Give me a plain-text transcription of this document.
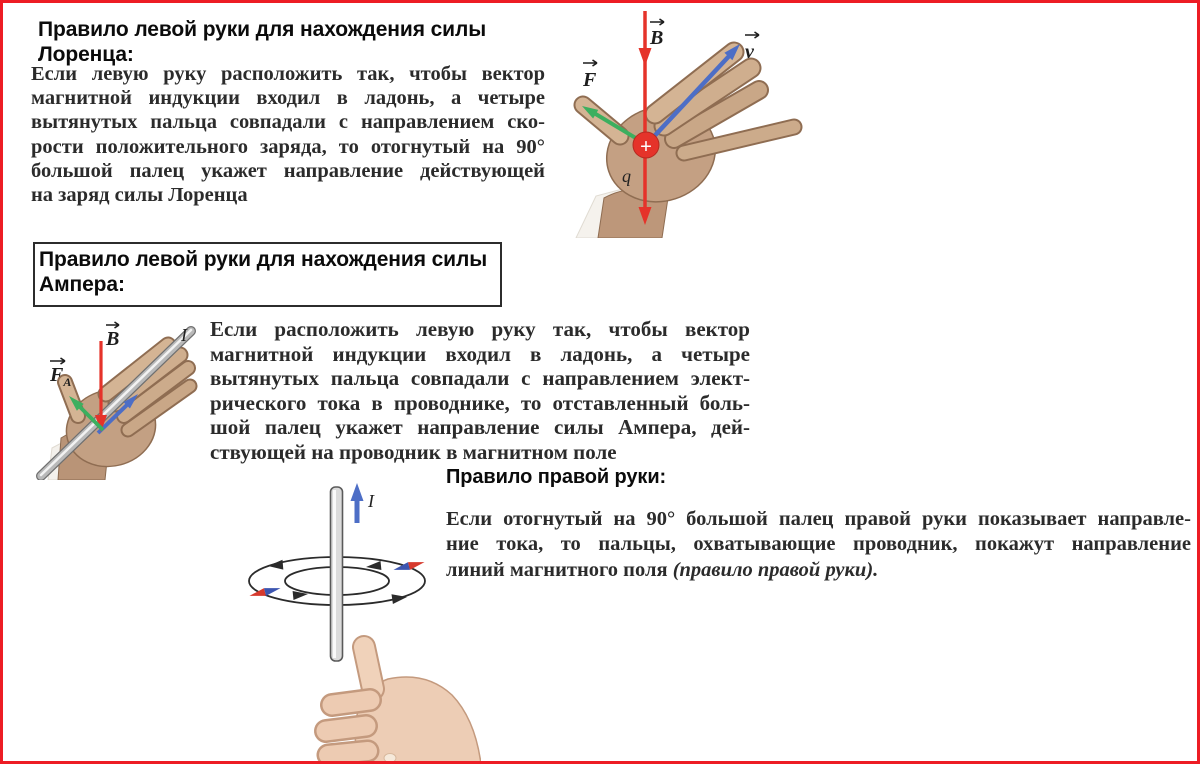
Правило левой руки для нахождения силы
Лоренца:
Если левую руку расположить так, чтобы вектор
магнитной индукции входил в ладонь, а четыре
вытянутых пальца совпадали с направлением ско-
рости положительного заряда, то отогнутый на 90°
большой палец укажет направление действующей
на заряд силы Лоренца
+
B
v
F
q
Правило левой руки для нахождения силы
Ампера:
B
$F_A$
I Если расположить левую руку так, чтобы вектор
магнитной индукции входил в ладонь, а четыре
вытянутых пальца совпадали с направлением элект-
рического тока в проводнике, то отставленный боль-
шой палец укажет направление силы Ампера, дей-
ствующей на проводник в магнитном поле
Правило правой руки:
Если отогнутый на 90° большой палец правой руки показывает направле-
ние тока, то пальцы, охватывающие проводник, покажут направление
линий магнитного поля (правило правой руки).
I
